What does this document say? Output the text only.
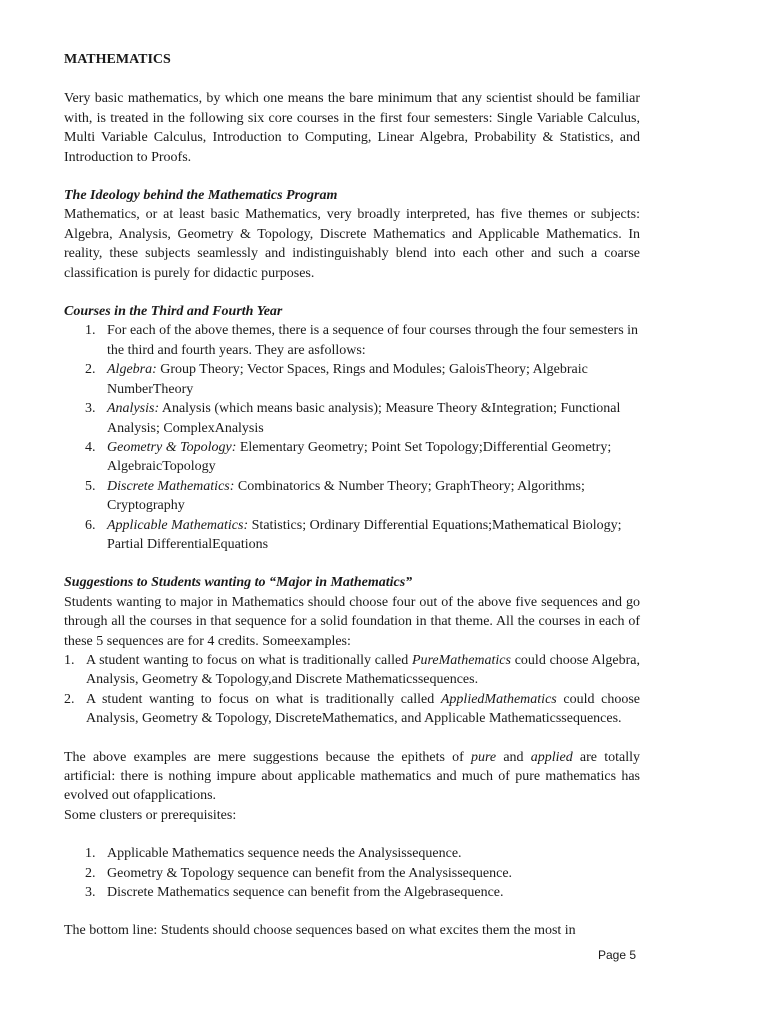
MATHEMATICS

Very basic mathematics, by which one means the bare minimum that any scientist should be familiar with, is treated in the following six core courses in the first four semesters: Single Variable Calculus, Multi Variable Calculus, Introduction to Computing, Linear Algebra, Probability & Statistics, and Introduction to Proofs.

The Ideology behind the Mathematics Program

Mathematics, or at least basic Mathematics, very broadly interpreted, has five themes or subjects: Algebra, Analysis, Geometry & Topology, Discrete Mathematics and Applicable Mathematics. In reality, these subjects seamlessly and indistinguishably blend into each other and such a coarse classification is purely for didactic purposes.

Courses in the Third and Fourth Year
1. For each of the above themes, there is a sequence of four courses through the four semesters in the third and fourth years. They are asfollows:
2. Algebra: Group Theory; Vector Spaces, Rings and Modules; GaloisTheory; Algebraic NumberTheory
3. Analysis: Analysis (which means basic analysis); Measure Theory &Integration; Functional Analysis; ComplexAnalysis
4. Geometry & Topology: Elementary Geometry; Point Set Topology;Differential Geometry; AlgebraicTopology
5. Discrete Mathematics: Combinatorics & Number Theory; GraphTheory; Algorithms; Cryptography
6. Applicable Mathematics: Statistics; Ordinary Differential Equations;Mathematical Biology; Partial DifferentialEquations
Suggestions to Students wanting to “Major in Mathematics”

Students wanting to major in Mathematics should choose four out of the above five sequences and go through all the courses in that sequence for a solid foundation in that theme. All the courses in each of these 5 sequences are for 4 credits. Someexamples:

1. A student wanting to focus on what is traditionally called PureMathematics could choose Algebra, Analysis, Geometry & Topology,and Discrete Mathematicssequences.
2. A student wanting to focus on what is traditionally called AppliedMathematics could choose Analysis, Geometry & Topology, DiscreteMathematics, and Applicable Mathematicssequences.

The above examples are mere suggestions because the epithets of pure and applied are totally artificial: there is nothing impure about applicable mathematics and much of pure mathematics has evolved out ofapplications.

Some clusters or prerequisites:

1. Applicable Mathematics sequence needs the Analysissequence.
2. Geometry & Topology sequence can benefit from the Analysissequence.
3. Discrete Mathematics sequence can benefit from the Algebrasequence.

The bottom line: Students should choose sequences based on what excites them the most in

Page 5
